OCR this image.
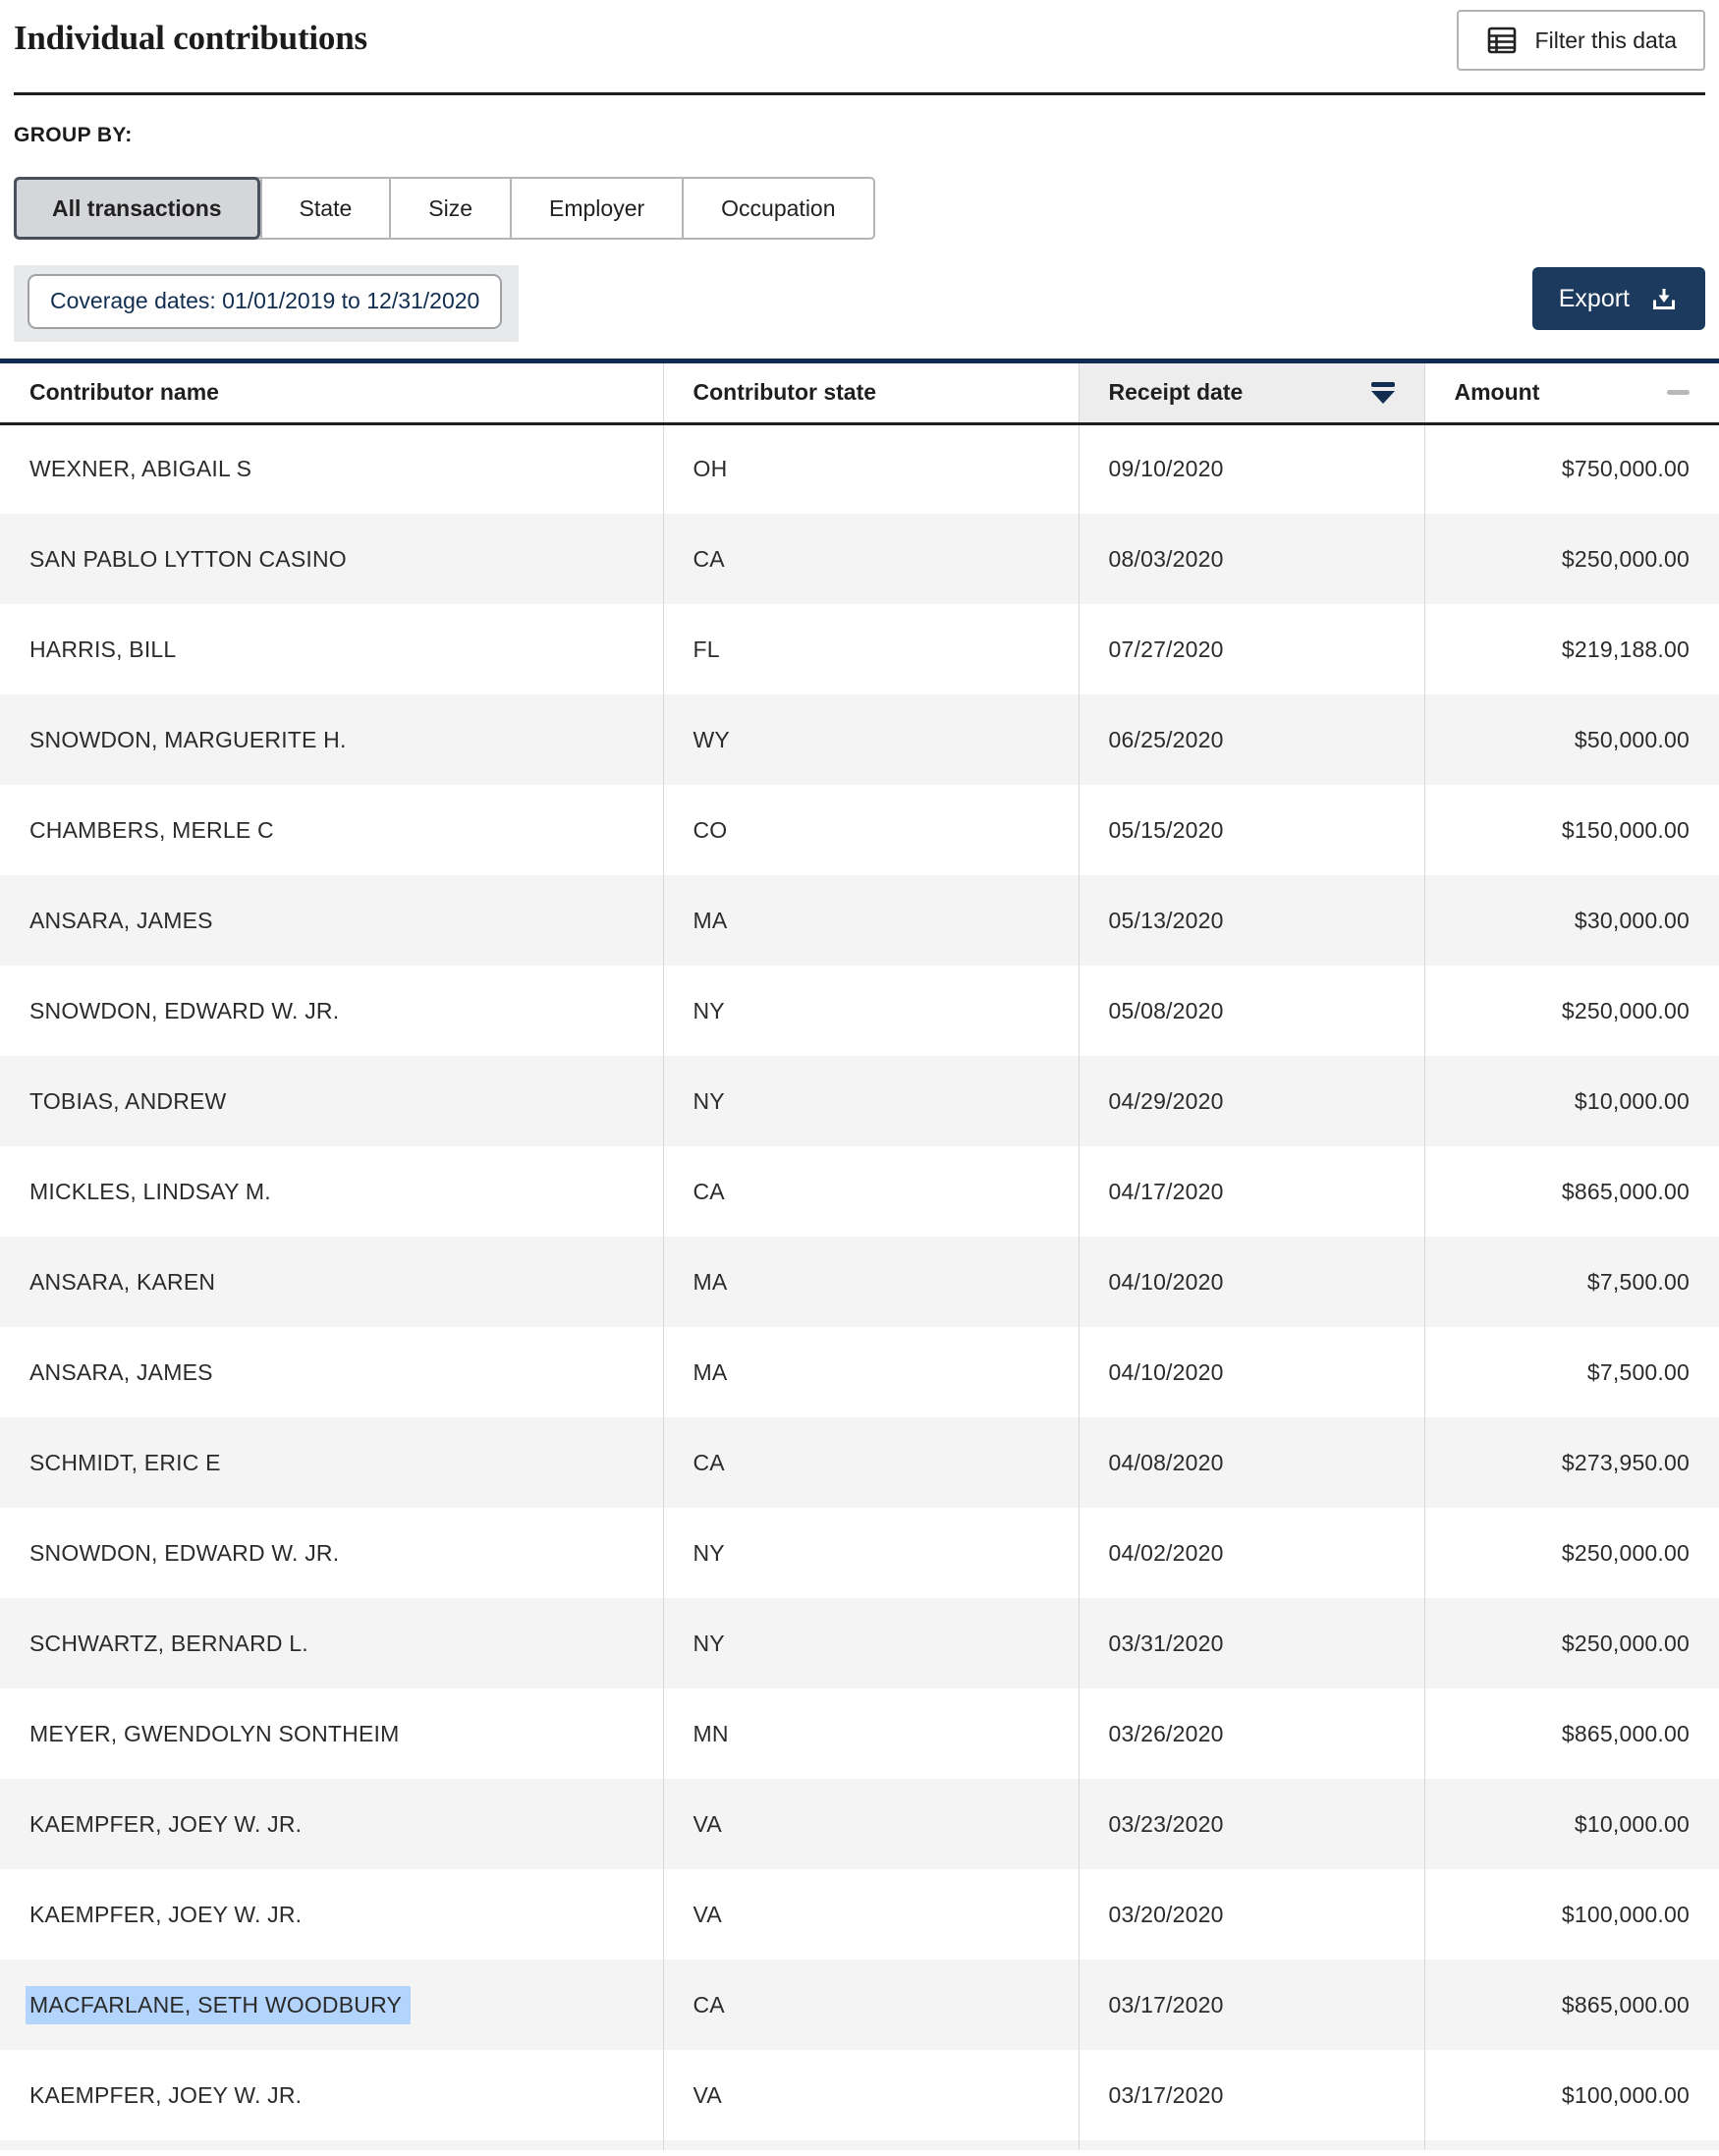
Individual contributions	Filter this data
GROUP BY:
All transactions	State	Size	Employer	Occupation
Coverage dates: 01/01/2019 to 12/31/2020	Export
Contributor name	Contributor state	Receipt date	Amount

WEXNER, ABIGAIL S	OH	09/10/2020	$750,000.00
SAN PABLO LYTTON CASINO	CA	08/03/2020	$250,000.00
HARRIS, BILL	FL	07/27/2020	$219,188.00
SNOWDON, MARGUERITE H.	WY	06/25/2020	$50,000.00
CHAMBERS, MERLE C	CO	05/15/2020	$150,000.00
ANSARA, JAMES	MA	05/13/2020	$30,000.00
SNOWDON, EDWARD W. JR.	NY	05/08/2020	$250,000.00
TOBIAS, ANDREW	NY	04/29/2020	$10,000.00
MICKLES, LINDSAY M.	CA	04/17/2020	$865,000.00
ANSARA, KAREN	MA	04/10/2020	$7,500.00
ANSARA, JAMES	MA	04/10/2020	$7,500.00
SCHMIDT, ERIC E	CA	04/08/2020	$273,950.00
SNOWDON, EDWARD W. JR.	NY	04/02/2020	$250,000.00
SCHWARTZ, BERNARD L.	NY	03/31/2020	$250,000.00
MEYER, GWENDOLYN SONTHEIM	MN	03/26/2020	$865,000.00
KAEMPFER, JOEY W. JR.	VA	03/23/2020	$10,000.00
KAEMPFER, JOEY W. JR.	VA	03/20/2020	$100,000.00
MACFARLANE, SETH WOODBURY	CA	03/17/2020	$865,000.00
KAEMPFER, JOEY W. JR.	VA	03/17/2020	$100,000.00
